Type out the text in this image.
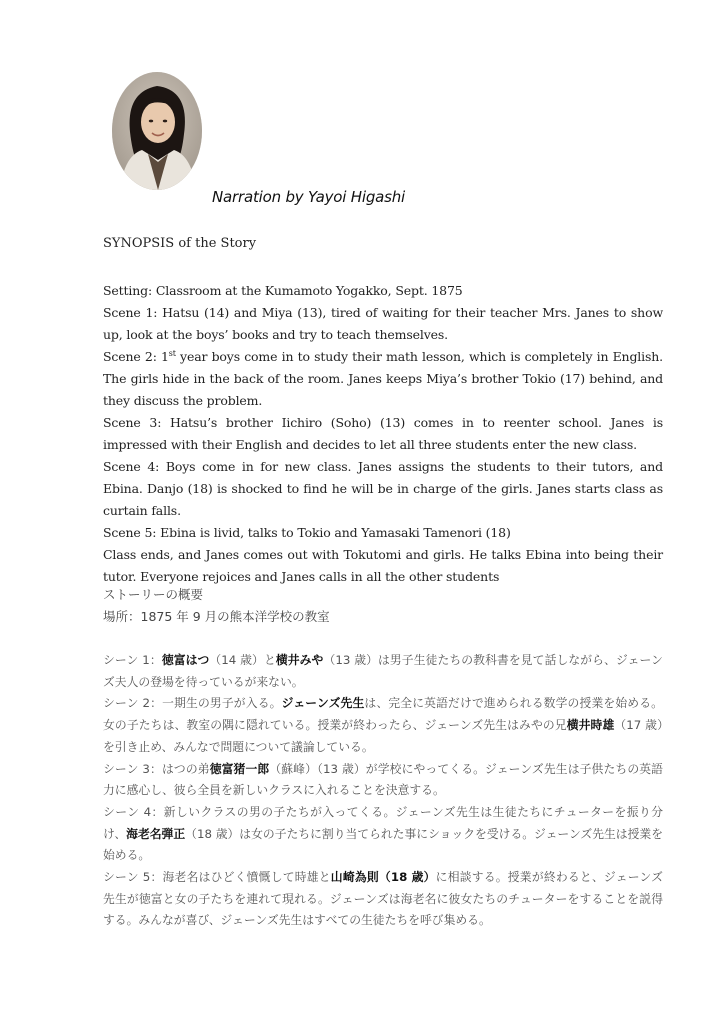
Narration by Yayoi Higashi
SYNOPSIS of the Story

Setting: Classroom at the Kumamoto Yogakko, Sept. 1875

Scene 1: Hatsu (14) and Miya (13), tired of waiting for their teacher Mrs. Janes to show up, look at the boys’ books and try to teach themselves.

Scene 2: 1st year boys come in to study their math lesson, which is completely in English. The girls hide in the back of the room. Janes keeps Miya’s brother Tokio (17) behind, and they discuss the problem.

Scene 3: Hatsu’s brother Iichiro (Soho) (13) comes in to reenter school. Janes is impressed with their English and decides to let all three students enter the new class.

Scene 4: Boys come in for new class. Janes assigns the students to their tutors, and Ebina. Danjo (18) is shocked to find he will be in charge of the girls. Janes starts class as curtain falls.

Scene 5: Ebina is livid, talks to Tokio and Yamasaki Tamenori (18)

Class ends, and Janes comes out with Tokutomi and girls. He talks Ebina into being their tutor. Everyone rejoices and Janes calls in all the other students

ストーリーの概要

場所：1875 年 9 月の熊本洋学校の教室

シーン 1：徳富はつ（14 歳）と横井みや（13 歳）は男子生徒たちの教科書を見て話しながら、ジェーンズ夫人の登場を待っているが来ない。

シーン 2：一期生の男子が入る。ジェーンズ先生は、完全に英語だけで進められる数学の授業を始める。女の子たちは、教室の隅に隠れている。授業が終わったら、ジェーンズ先生はみやの兄横井時雄（17 歳）を引き止め、みんなで問題について議論している。

シーン 3：はつの弟徳富猪一郎（蘇峰）（13 歳）が学校にやってくる。ジェーンズ先生は子供たちの英語力に感心し、彼ら全員を新しいクラスに入れることを決意する。

シーン 4：新しいクラスの男の子たちが入ってくる。ジェーンズ先生は生徒たちにチューターを振り分け、海老名弾正（18 歳）は女の子たちに割り当てられた事にショックを受ける。ジェーンズ先生は授業を始める。

シーン 5：海老名はひどく憤慨して時雄と山崎為則（18 歳）に相談する。授業が終わると、ジェーンズ先生が徳富と女の子たちを連れて現れる。ジェーンズは海老名に彼女たちのチューターをすることを説得する。みんなが喜び、ジェーンズ先生はすべての生徒たちを呼び集める。
